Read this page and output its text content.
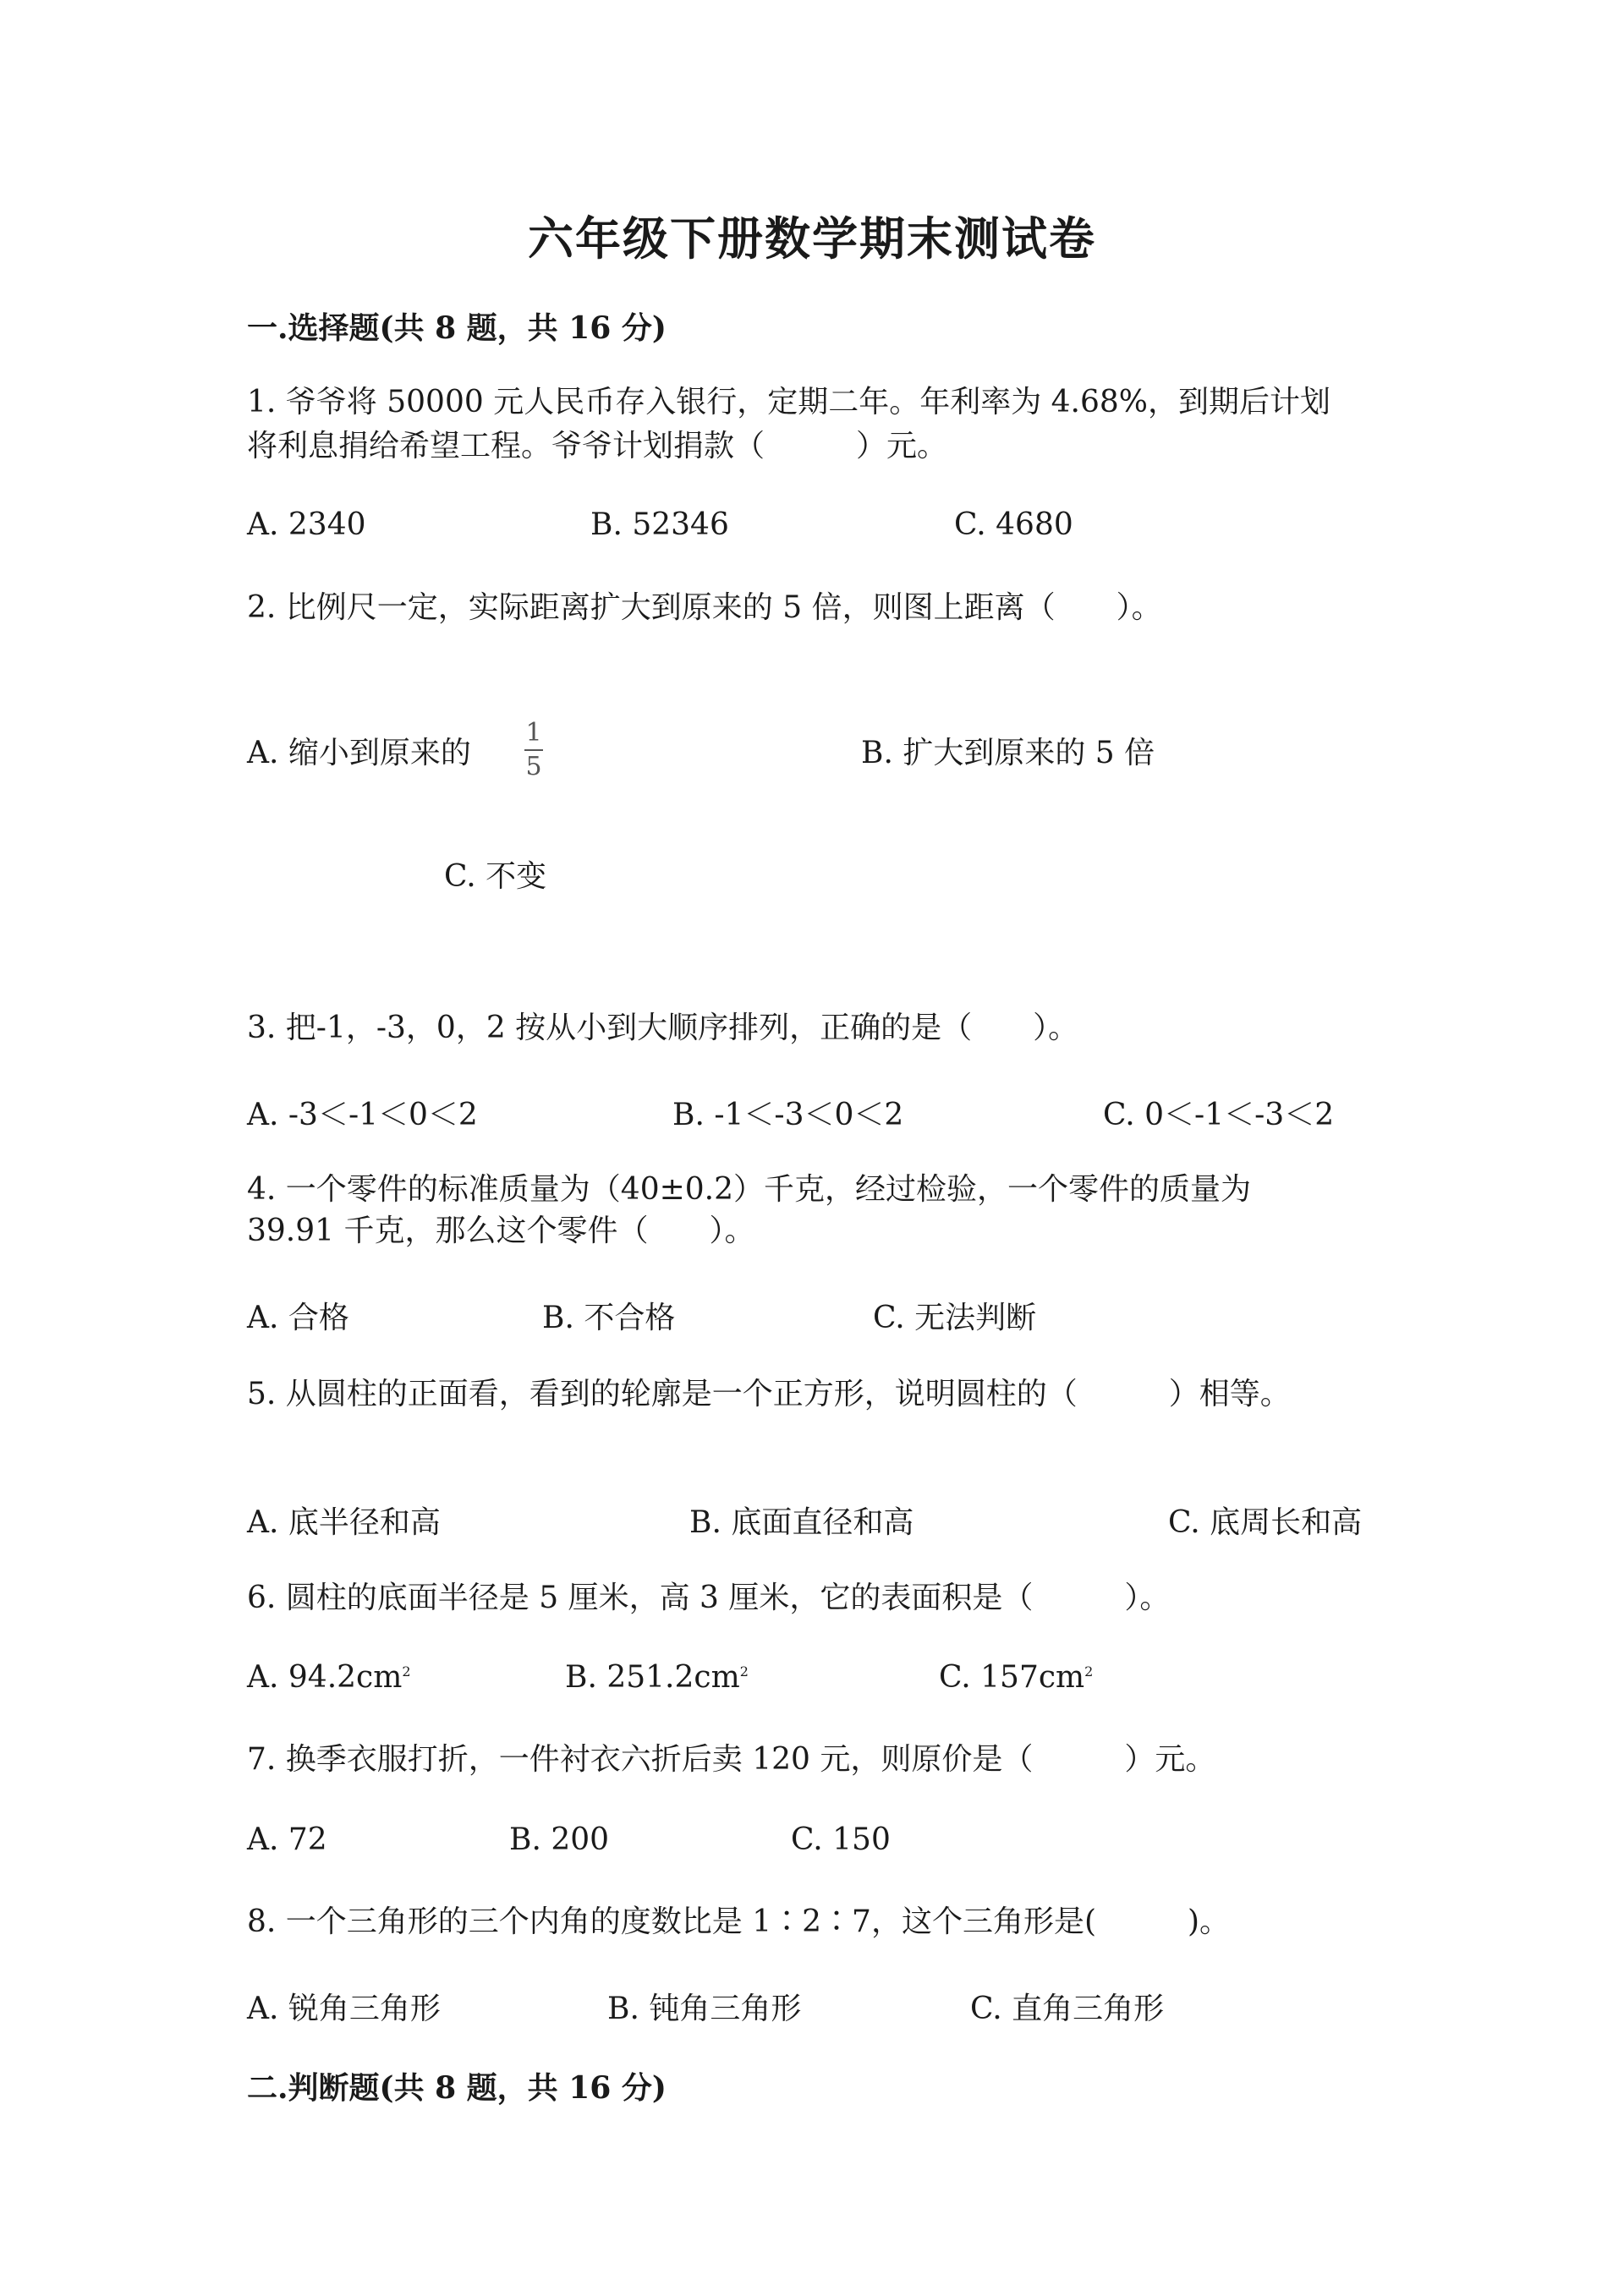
六年级下册数学期末测试卷
一.选择题(共 8 题，共 16 分)
1. 爷爷将 50000 元人民币存入银行，定期二年。年利率为 4.68%，到期后计划
将利息捐给希望工程。爷爷计划捐款（　　　）元。
A. 2340	B. 52346	C. 4680
2. 比例尺一定，实际距离扩大到原来的 5 倍，则图上距离（　　）。
A. 缩小到原来的
1
5	B. 扩大到原来的 5 倍
C. 不变
3. 把-1，-3，0，2 按从小到大顺序排列，正确的是（　　）。
A. -3＜-1＜0＜2	B. -1＜-3＜0＜2	C. 0＜-1＜-3＜2
4. 一个零件的标准质量为（40±0.2）千克，经过检验，一个零件的质量为
39.91 千克，那么这个零件（　　）。
A. 合格	B. 不合格	C. 无法判断
5. 从圆柱的正面看，看到的轮廓是一个正方形，说明圆柱的（　　　）相等。
A. 底半径和高	B. 底面直径和高	C. 底周长和高
6. 圆柱的底面半径是 5 厘米，高 3 厘米，它的表面积是（　　　）。
A. $94.2cm^2$	B. $251.2cm^2$	C. $157cm^2$
7. 换季衣服打折，一件衬衣六折后卖 120 元，则原价是（　　　）元。
A. 72	B. 200	C. 150
8. 一个三角形的三个内角的度数比是 1∶2∶7，这个三角形是(　　　)。
A. 锐角三角形	B. 钝角三角形	C. 直角三角形
二.判断题(共 8 题，共 16 分)
